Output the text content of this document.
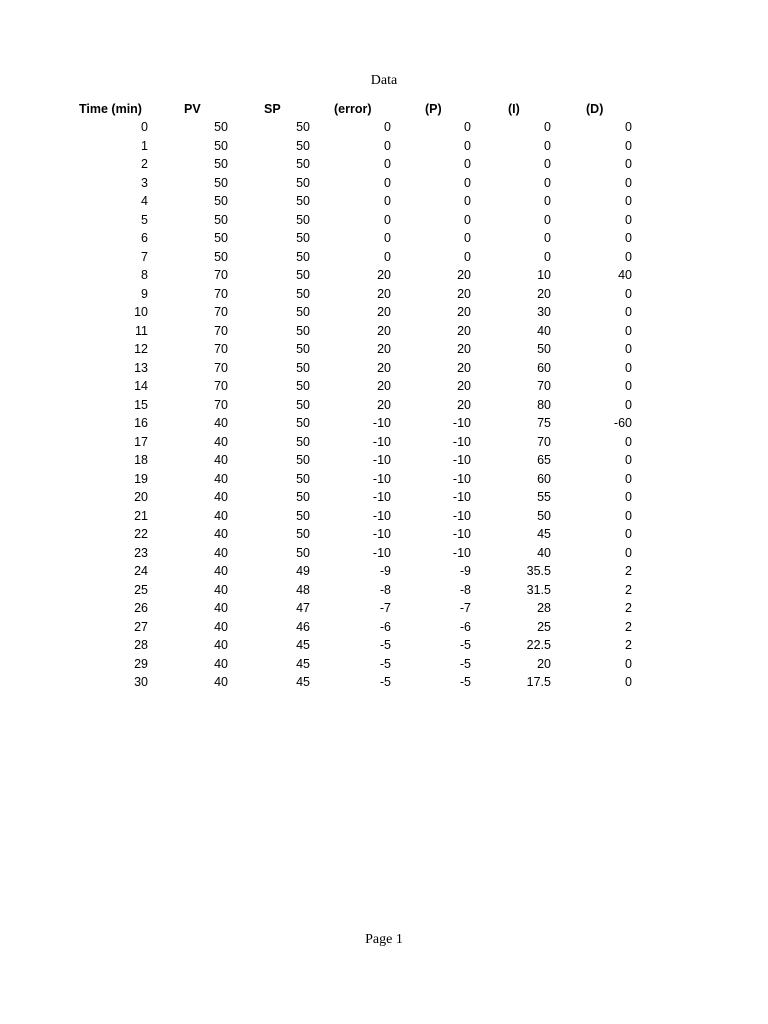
Data
Time (min)	PV	SP	(error)	(P)	(I)	(D)
0	50	50	0	0	0	0
1	50	50	0	0	0	0
2	50	50	0	0	0	0
3	50	50	0	0	0	0
4	50	50	0	0	0	0
5	50	50	0	0	0	0
6	50	50	0	0	0	0
7	50	50	0	0	0	0
8	70	50	20	20	10	40
9	70	50	20	20	20	0
10	70	50	20	20	30	0
11	70	50	20	20	40	0
12	70	50	20	20	50	0
13	70	50	20	20	60	0
14	70	50	20	20	70	0
15	70	50	20	20	80	0
16	40	50	-10	-10	75	-60
17	40	50	-10	-10	70	0
18	40	50	-10	-10	65	0
19	40	50	-10	-10	60	0
20	40	50	-10	-10	55	0
21	40	50	-10	-10	50	0
22	40	50	-10	-10	45	0
23	40	50	-10	-10	40	0
24	40	49	-9	-9	35.5	2
25	40	48	-8	-8	31.5	2
26	40	47	-7	-7	28	2
27	40	46	-6	-6	25	2
28	40	45	-5	-5	22.5	2
29	40	45	-5	-5	20	0
30	40	45	-5	-5	17.5	0
Page 1
